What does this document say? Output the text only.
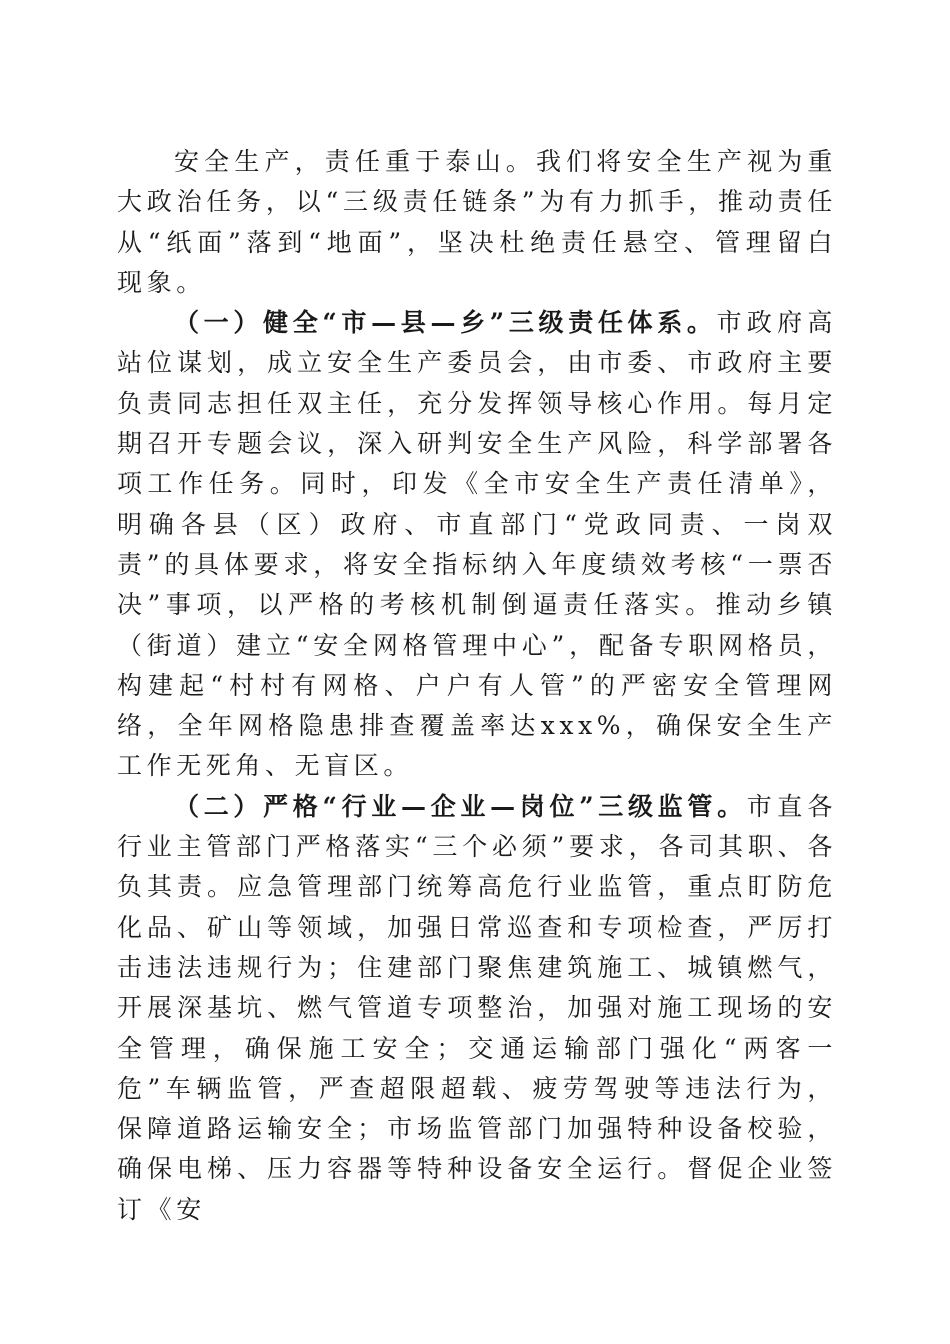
安全生产，责任重于泰山。我们将安全生产视为重大政治任务，以“三级责任链条”为有力抓手，推动责任从“纸面”落到“地面”，坚决杜绝责任悬空、管理留白现象。

（一）健全“市—县—乡”三级责任体系。市政府高站位谋划，成立安全生产委员会，由市委、市政府主要负责同志担任双主任，充分发挥领导核心作用。每月定期召开专题会议，深入研判安全生产风险，科学部署各项工作任务。同时，印发《全市安全生产责任清单》，明确各县（区）政府、市直部门“党政同责、一岗双责”的具体要求，将安全指标纳入年度绩效考核“一票否决”事项，以严格的考核机制倒逼责任落实。推动乡镇（街道）建立“安全网格管理中心”，配备专职网格员，构建起“村村有网格、户户有人管”的严密安全管理网络，全年网格隐患排查覆盖率达xxx%，确保安全生产工作无死角、无盲区。

（二）严格“行业—企业—岗位”三级监管。市直各行业主管部门严格落实“三个必须”要求，各司其职、各负其责。应急管理部门统筹高危行业监管，重点盯防危化品、矿山等领域，加强日常巡查和专项检查，严厉打击违法违规行为；住建部门聚焦建筑施工、城镇燃气，开展深基坑、燃气管道专项整治，加强对施工现场的安全管理，确保施工安全；交通运输部门强化“两客一危”车辆监管，严查超限超载、疲劳驾驶等违法行为，保障道路运输安全；市场监管部门加强特种设备校验，确保电梯、压力容器等特种设备安全运行。督促企业签订《安
